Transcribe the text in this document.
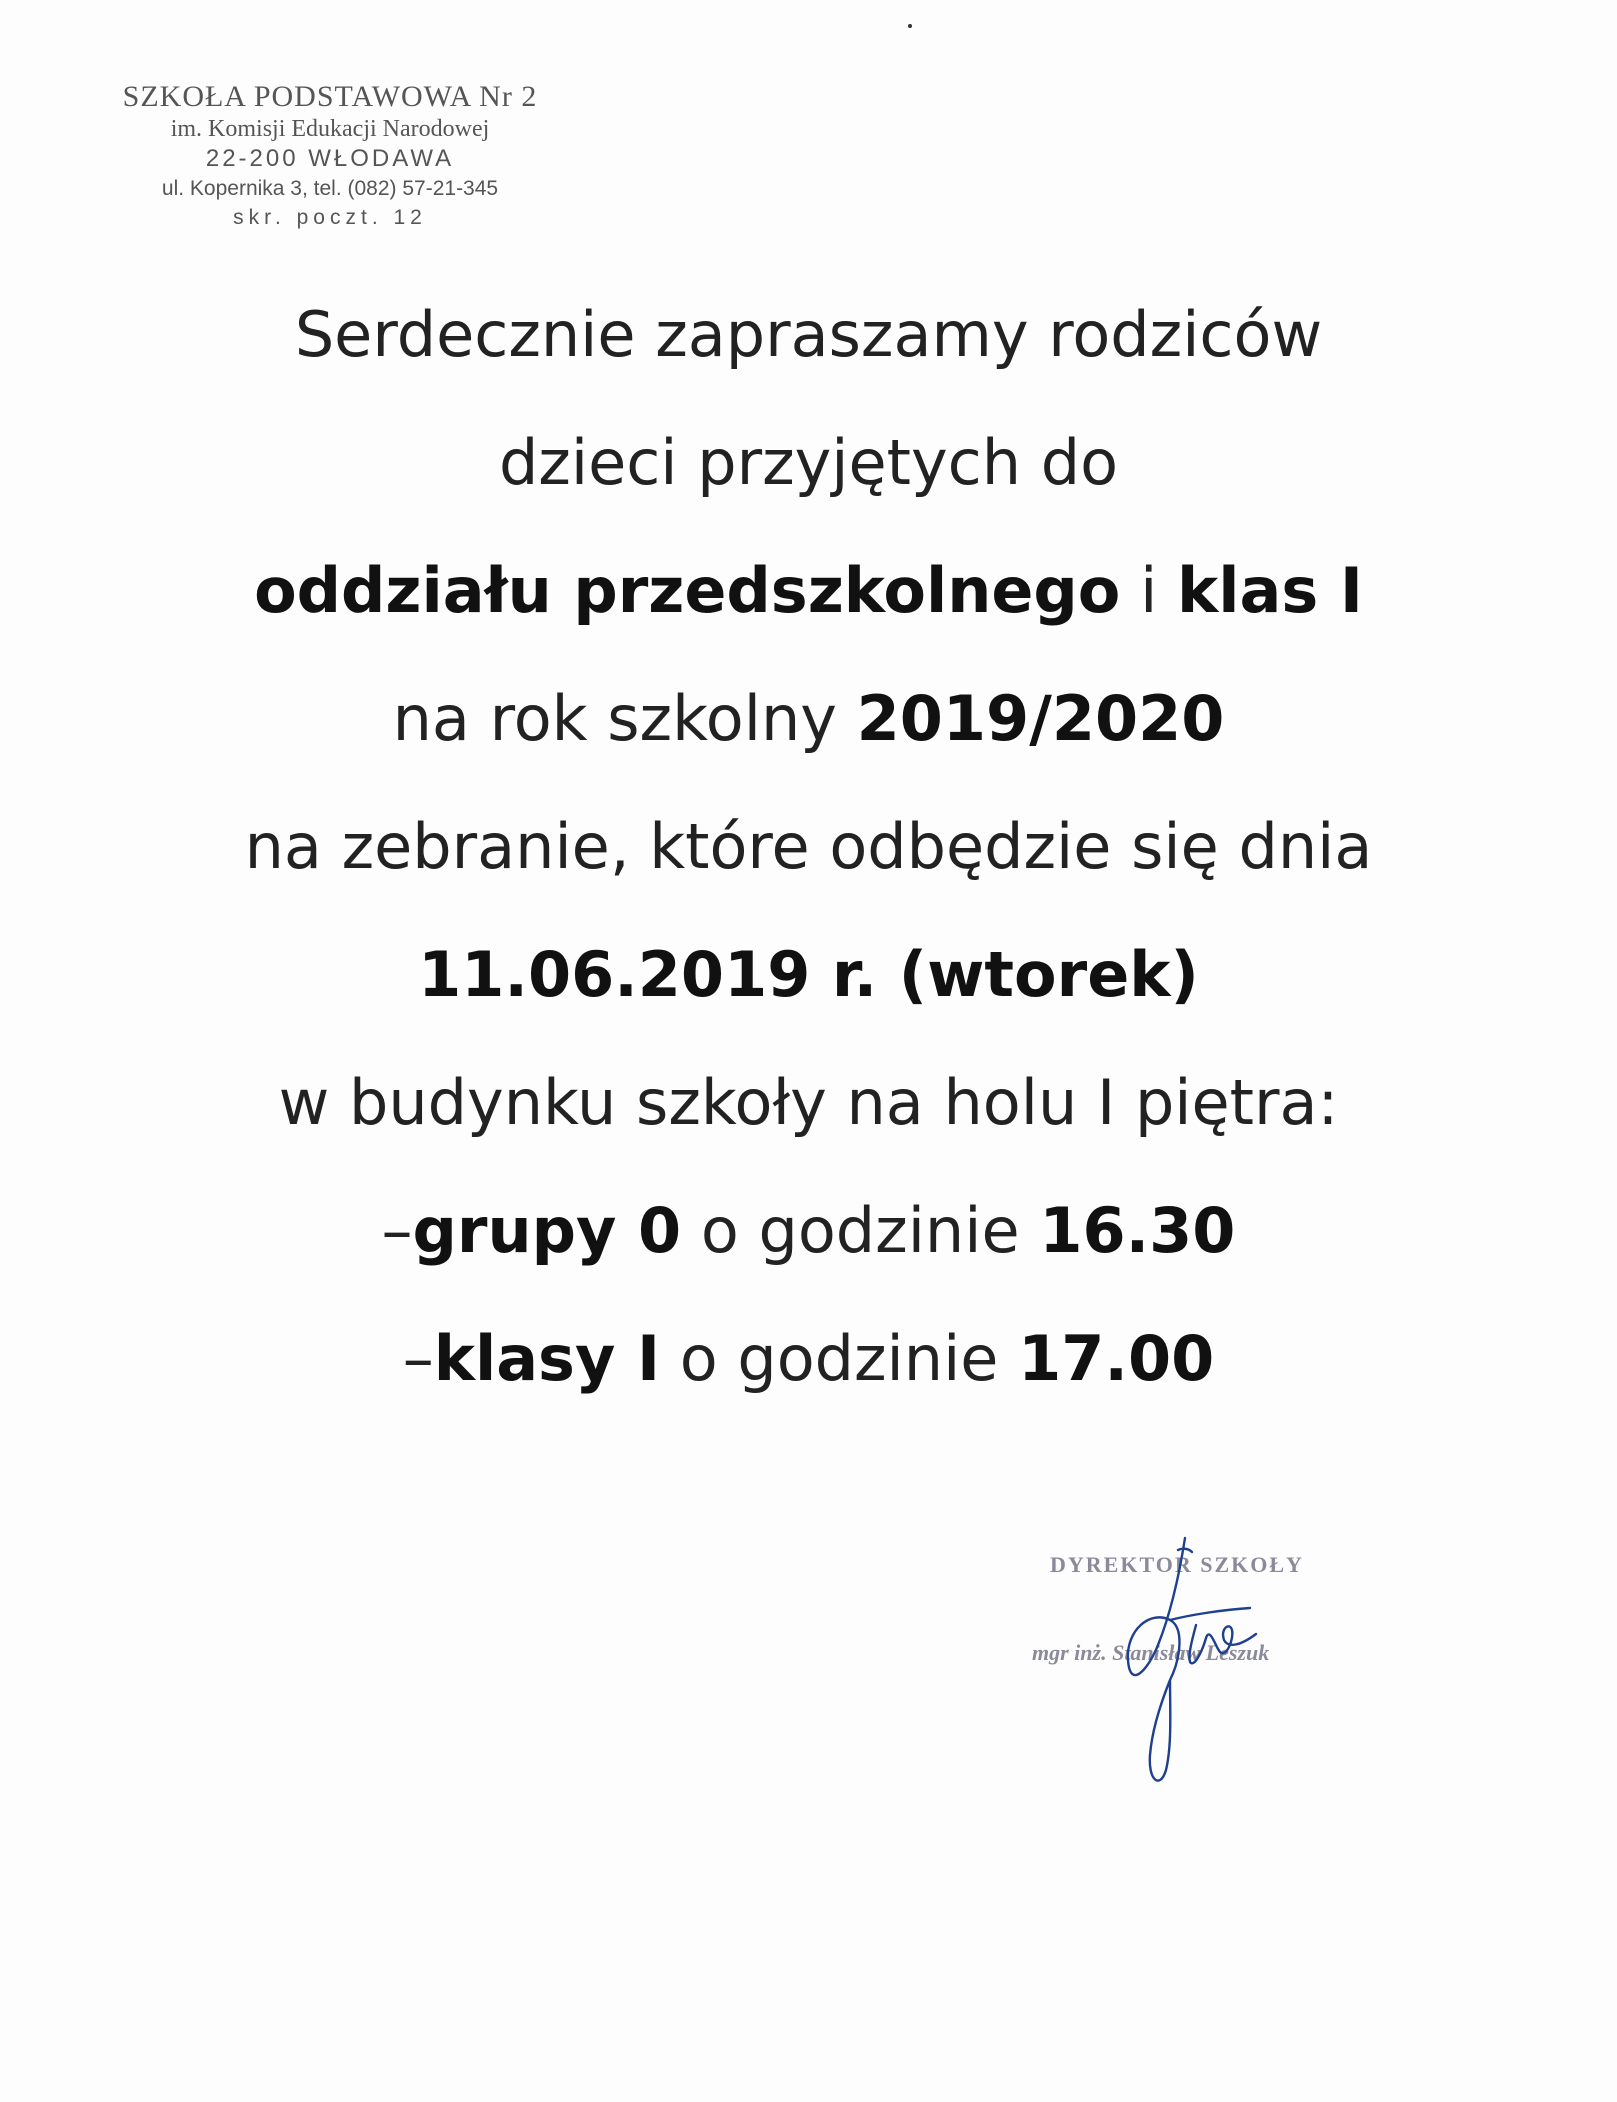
SZKOŁA PODSTAWOWA Nr 2
im. Komisji Edukacji Narodowej
22-200 WŁODAWA
ul. Kopernika 3, tel. (082) 57-21-345
skr. poczt. 12
Serdecznie zapraszamy rodziców
dzieci przyjętych do
oddziału przedszkolnego i klas I
na rok szkolny 2019/2020
na zebranie, które odbędzie się dnia
11.06.2019 r. (wtorek)
w budynku szkoły na holu I piętra:
–grupy 0 o godzinie 16.30
–klasy I o godzinie 17.00
DYREKTOR SZKOŁY
mgr inż. Stanisław Leszuk
